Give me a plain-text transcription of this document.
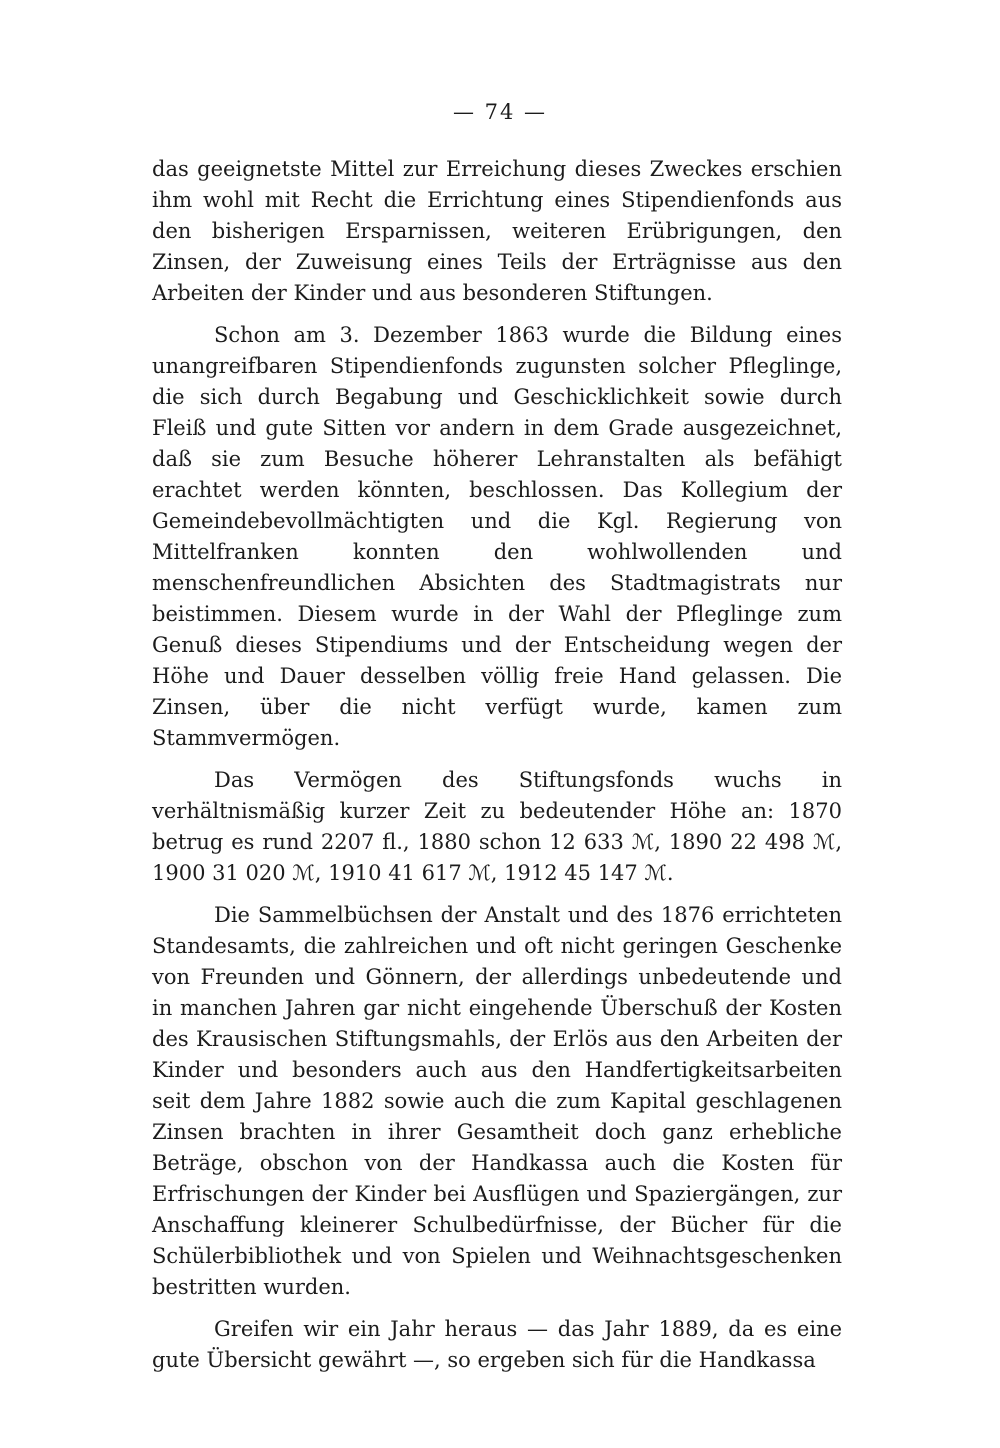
— 74 —

das geeignetste Mittel zur Erreichung dieses Zweckes erschien ihm wohl mit Recht die Errichtung eines Stipendienfonds aus den bisherigen Ersparnissen, weiteren Erübrigungen, den Zinsen, der Zuweisung eines Teils der Erträgnisse aus den Arbeiten der Kinder und aus besonderen Stiftungen.

Schon am 3. Dezember 1863 wurde die Bildung eines unangreifbaren Stipendienfonds zugunsten solcher Pfleglinge, die sich durch Begabung und Geschicklichkeit sowie durch Fleiß und gute Sitten vor andern in dem Grade ausgezeichnet, daß sie zum Besuche höherer Lehranstalten als befähigt erachtet werden könnten, beschlossen. Das Kollegium der Gemeindebevollmächtigten und die Kgl. Regierung von Mittelfranken konnten den wohlwollenden und menschenfreundlichen Absichten des Stadtmagistrats nur beistimmen. Diesem wurde in der Wahl der Pfleglinge zum Genuß dieses Stipendiums und der Entscheidung wegen der Höhe und Dauer desselben völlig freie Hand gelassen. Die Zinsen, über die nicht verfügt wurde, kamen zum Stammvermögen.

Das Vermögen des Stiftungsfonds wuchs in verhältnismäßig kurzer Zeit zu bedeutender Höhe an: 1870 betrug es rund 2207 fl., 1880 schon 12 633 ℳ, 1890 22 498 ℳ, 1900 31 020 ℳ, 1910 41 617 ℳ, 1912 45 147 ℳ.

Die Sammelbüchsen der Anstalt und des 1876 errichteten Standesamts, die zahlreichen und oft nicht geringen Geschenke von Freunden und Gönnern, der allerdings unbedeutende und in manchen Jahren gar nicht eingehende Überschuß der Kosten des Krausischen Stiftungsmahls, der Erlös aus den Arbeiten der Kinder und besonders auch aus den Handfertigkeitsarbeiten seit dem Jahre 1882 sowie auch die zum Kapital geschlagenen Zinsen brachten in ihrer Gesamtheit doch ganz erhebliche Beträge, obschon von der Handkassa auch die Kosten für Erfrischungen der Kinder bei Ausflügen und Spaziergängen, zur Anschaffung kleinerer Schulbedürfnisse, der Bücher für die Schülerbibliothek und von Spielen und Weihnachtsgeschenken bestritten wurden.

Greifen wir ein Jahr heraus — das Jahr 1889, da es eine gute Übersicht gewährt —, so ergeben sich für die Handkassa
